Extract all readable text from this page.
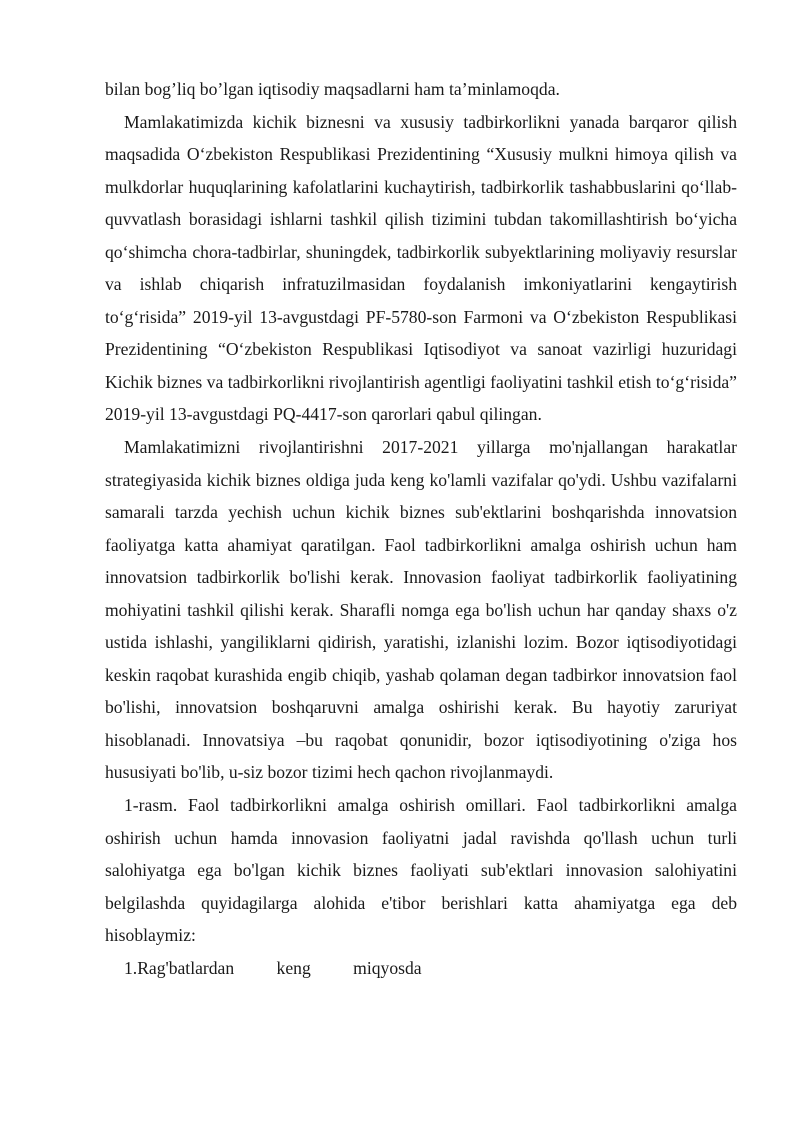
bilan bog’liq bo’lgan iqtisodiy maqsadlarni ham ta’minlamoqda.

Mamlakatimizda kichik biznesni va xususiy tadbirkorlikni yanada barqaror qilish maqsadida O‘zbekiston Respublikasi Prezidentining “Xususiy mulkni himoya qilish va mulkdorlar huquqlarining kafolatlarini kuchaytirish, tadbirkorlik tashabbuslarini qo‘llab- quvvatlash borasidagi ishlarni tashkil qilish tizimini tubdan takomillashtirish bo‘yicha qo‘shimcha chora-tadbirlar, shuningdek, tadbirkorlik subyektlarining moliyaviy resurslar va ishlab chiqarish infratuzilmasidan foydalanish imkoniyatlarini kengaytirish to‘g‘risida” 2019-yil 13-avgustdagi PF-5780-son Farmoni va O‘zbekiston Respublikasi Prezidentining “O‘zbekiston Respublikasi Iqtisodiyot va sanoat vazirligi huzuridagi Kichik biznes va tadbirkorlikni rivojlantirish agentligi faoliyatini tashkil etish to‘g‘risida” 2019-yil 13-avgustdagi PQ-4417-son qarorlari qabul qilingan.

Mamlakatimizni rivojlantirishni 2017-2021 yillarga mo'njallangan harakatlar strategiyasida kichik biznes oldiga juda keng ko'lamli vazifalar qo'ydi. Ushbu vazifalarni samarali tarzda yechish uchun kichik biznes sub'ektlarini boshqarishda innovatsion faoliyatga katta ahamiyat qaratilgan. Faol tadbirkorlikni amalga oshirish uchun ham innovatsion tadbirkorlik bo'lishi kerak. Innovasion faoliyat tadbirkorlik faoliyatining mohiyatini tashkil qilishi kerak. Sharafli nomga ega bo'lish uchun har qanday shaxs o'z ustida ishlashi, yangiliklarni qidirish, yaratishi, izlanishi lozim. Bozor iqtisodiyotidagi keskin raqobat kurashida engib chiqib, yashab qolaman degan tadbirkor innovatsion faol bo'lishi, innovatsion boshqaruvni amalga oshirishi kerak. Bu hayotiy zaruriyat hisoblanadi. Innovatsiya –bu raqobat qonunidir, bozor iqtisodiyotining o'ziga hos hususiyati bo'lib, u-siz bozor tizimi hech qachon rivojlanmaydi.

1-rasm. Faol tadbirkorlikni amalga oshirish omillari. Faol tadbirkorlikni amalga oshirish uchun hamda innovasion faoliyatni jadal ravishda qo'llash uchun turli salohiyatga ega bo'lgan kichik biznes faoliyati sub'ektlari innovasion salohiyatini belgilashda quyidagilarga alohida e'tibor berishlari katta ahamiyatga ega deb hisoblaymiz:

1.Rag'batlardan keng miqyosda
